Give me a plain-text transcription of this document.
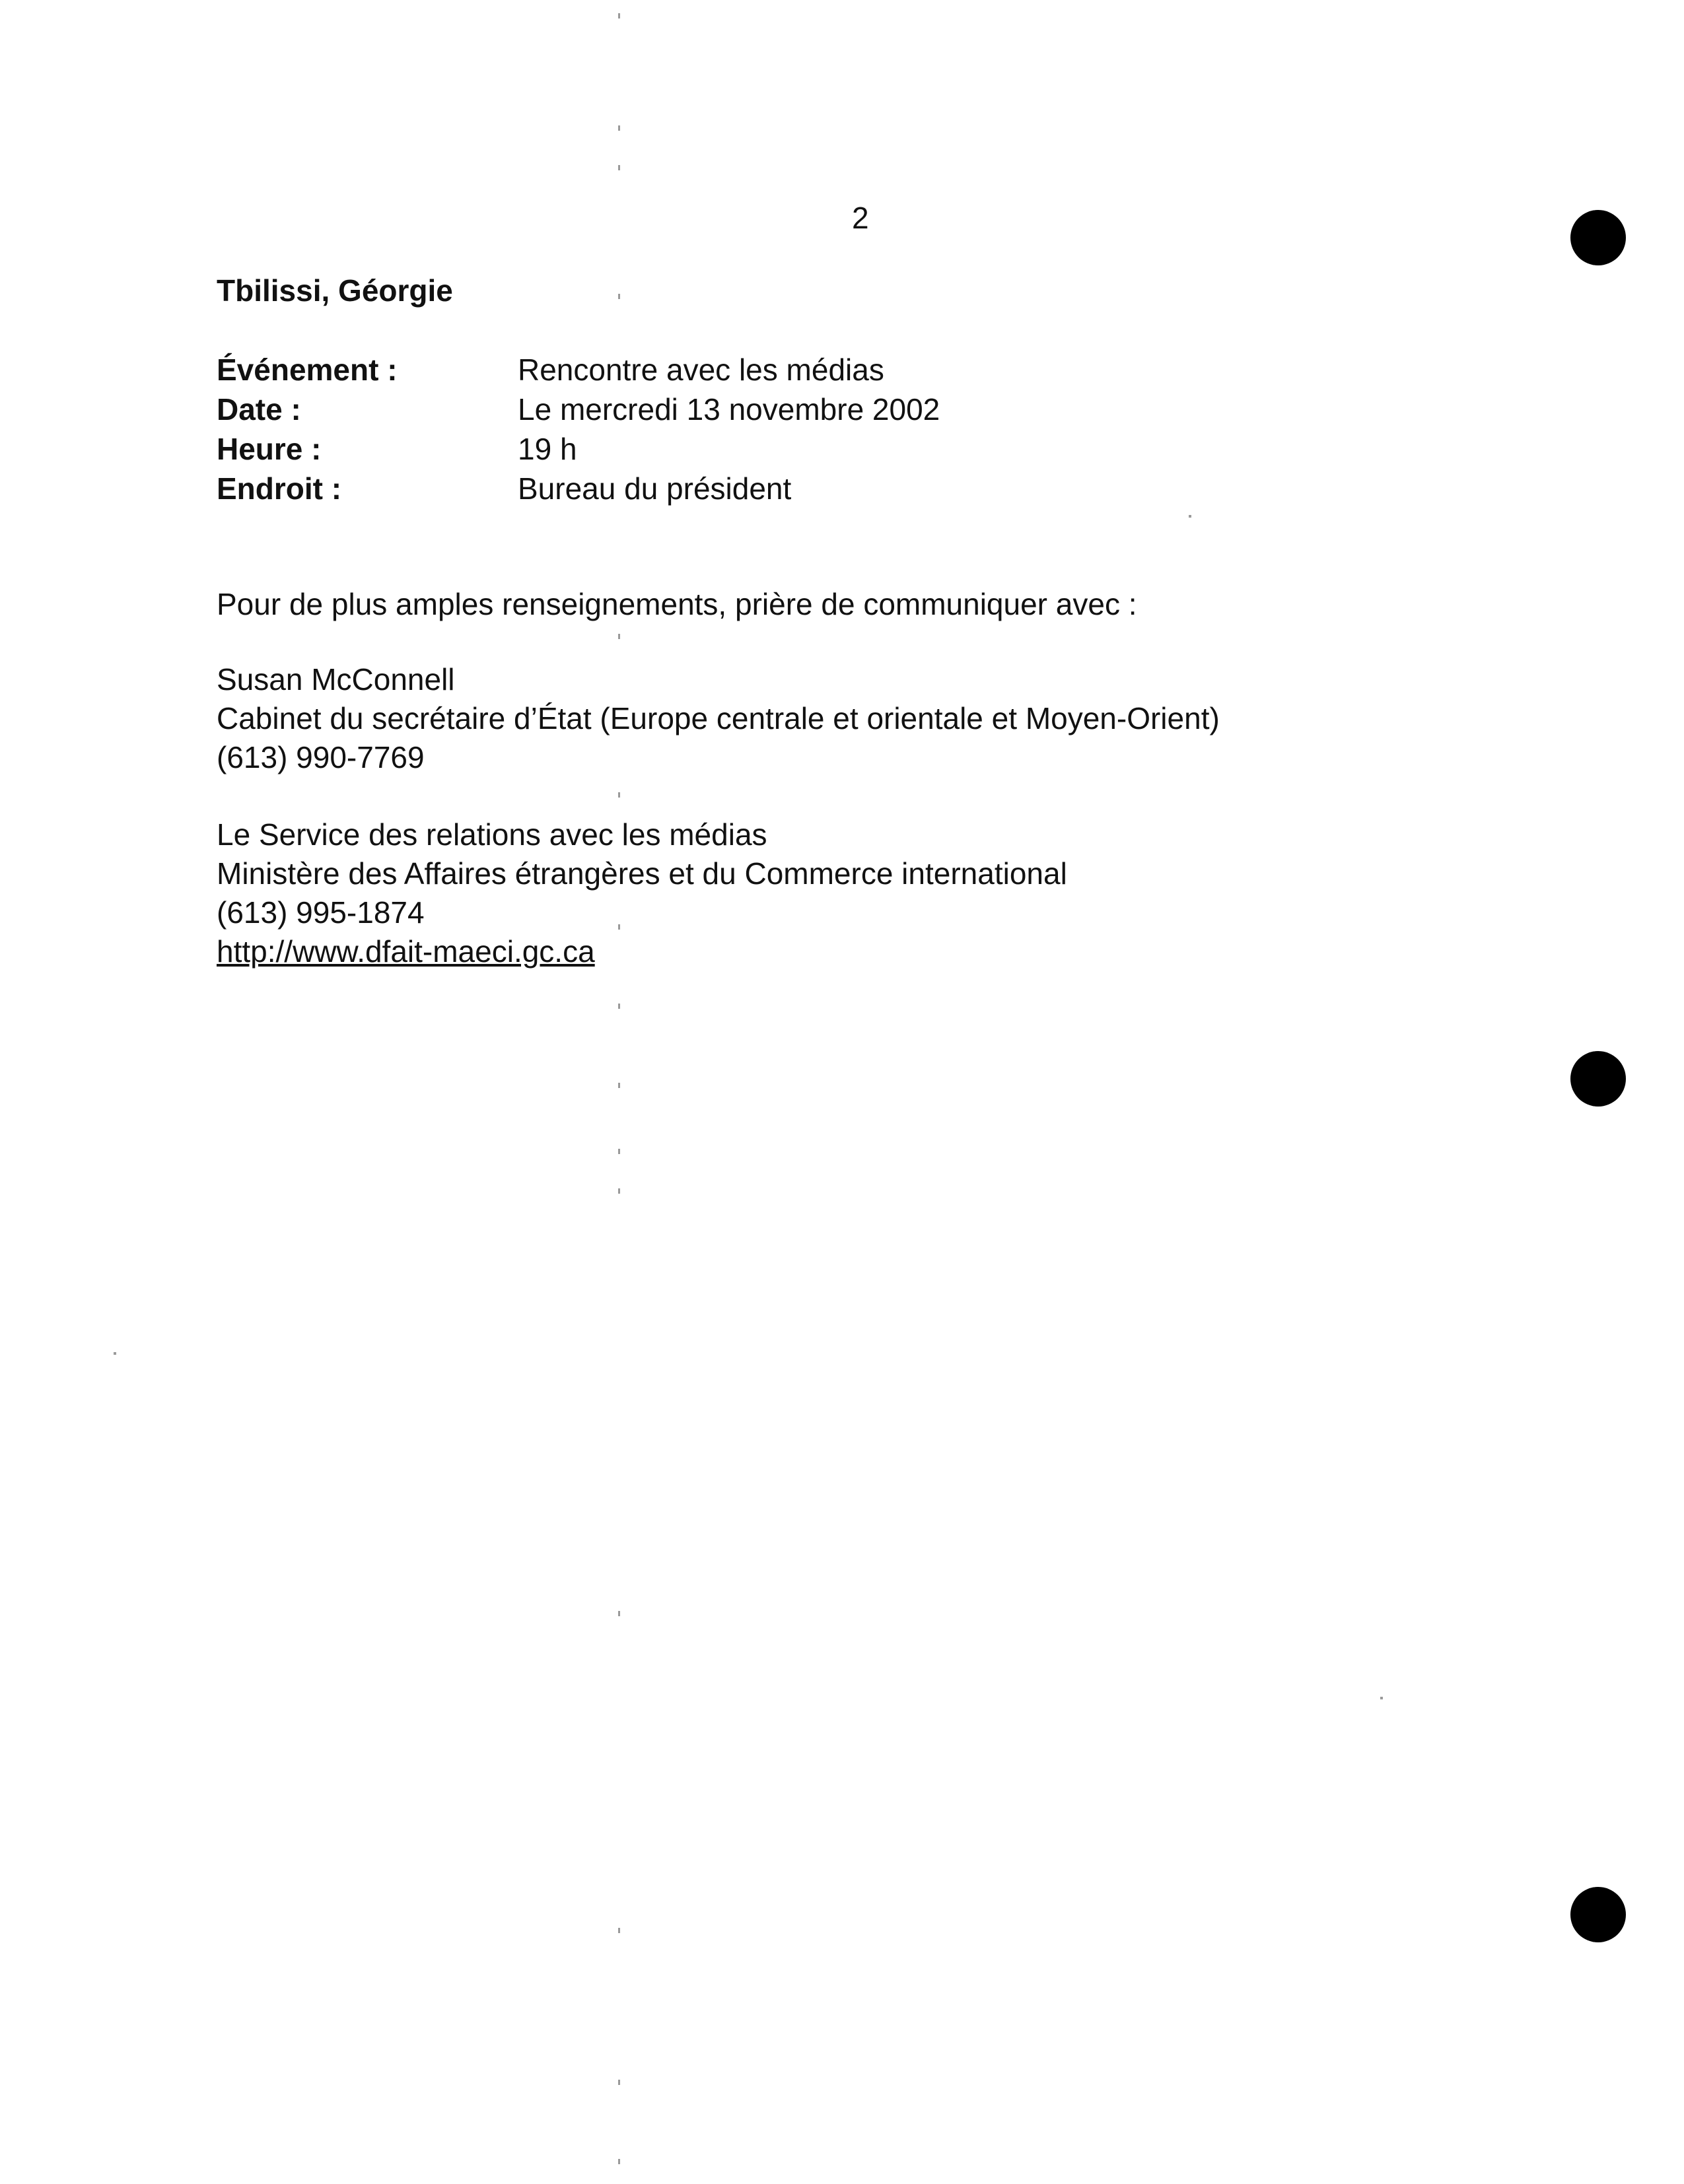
2
Tbilissi, Géorgie
Événement :	Rencontre avec les médias
Date :	Le mercredi 13 novembre 2002
Heure :	19 h
Endroit :	Bureau du président
Pour de plus amples renseignements, prière de communiquer avec :
Susan McConnell
Cabinet du secrétaire d’État (Europe centrale et orientale et Moyen-Orient)
(613) 990-7769
Le Service des relations avec les médias
Ministère des Affaires étrangères et du Commerce international
(613) 995-1874
http://www.dfait-maeci.gc.ca
